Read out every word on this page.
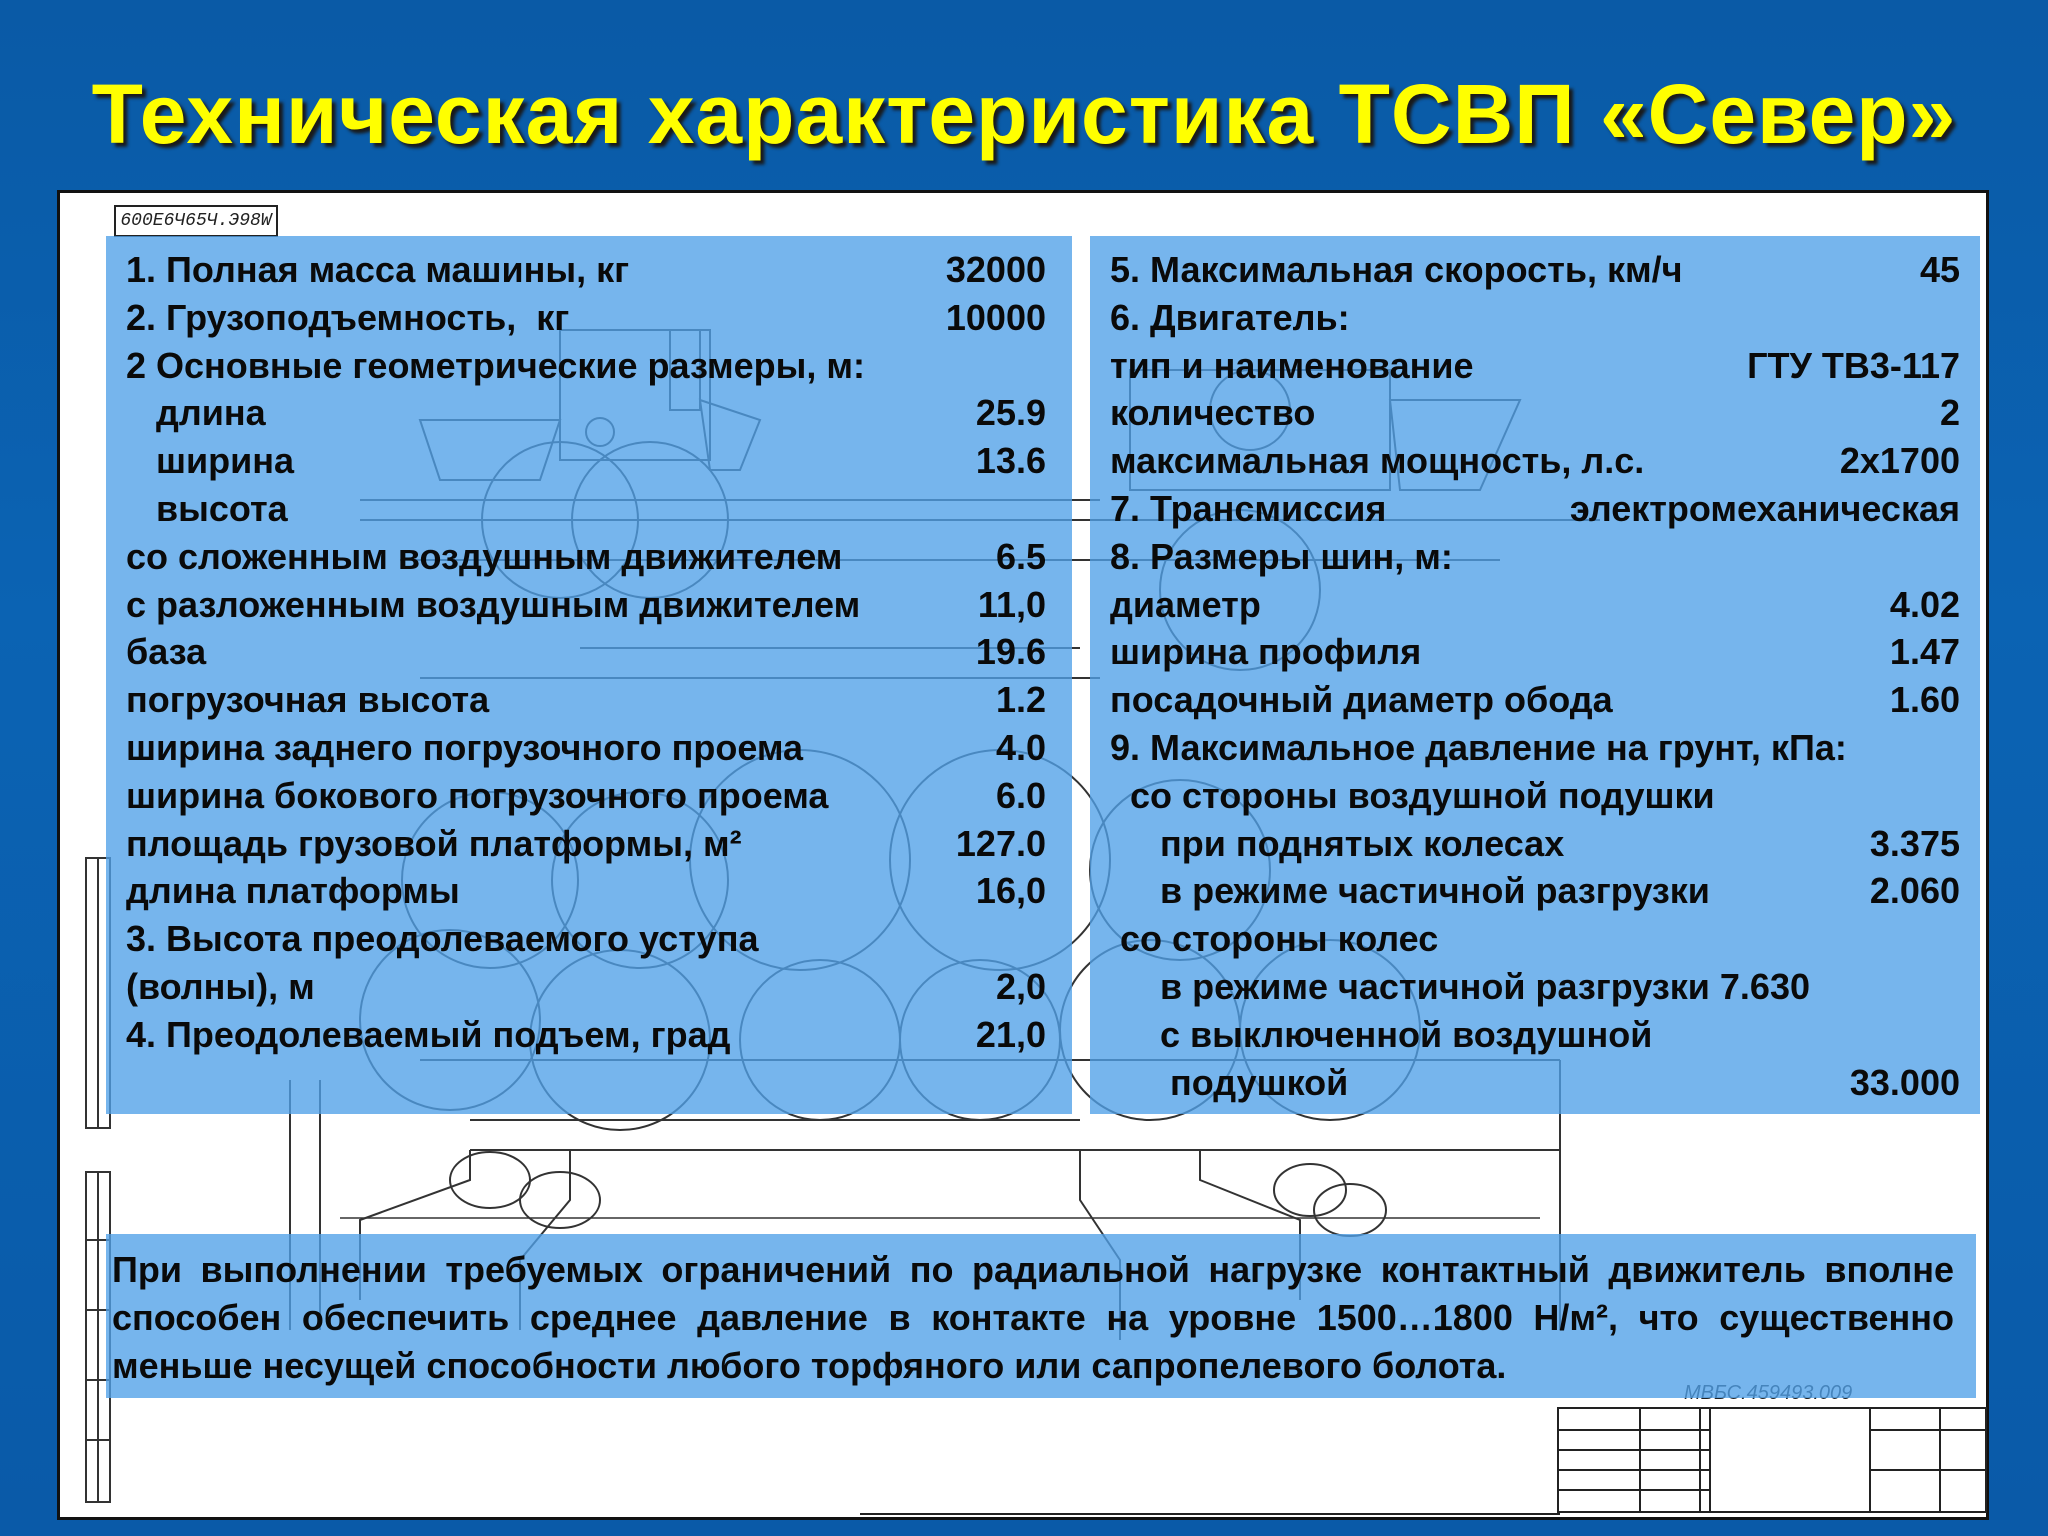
Техническая характеристика ТСВП «Север»
600Е6Ч65Ч.Э98W
1. Полная масса машины, кг	32000
2. Грузоподъемность,  кг	10000
2 Основные геометрические размеры, м:
длина	25.9
ширина	13.6
высота
со сложенным воздушным движителем	6.5
с разложенным воздушным движителем	11,0
база	19.6
погрузочная высота	1.2
ширина заднего погрузочного проема	4.0
ширина бокового погрузочного проема	6.0
площадь грузовой платформы, м²	127.0
длина платформы	16,0
3. Высота преодолеваемого уступа
(волны), м	2,0
4. Преодолеваемый подъем, град	21,0
5. Максимальная скорость, км/ч	45
6. Двигатель:
тип и наименование	ГТУ ТВ3-117
количество	2
максимальная мощность, л.с.	2х1700
7. Трансмиссия	электромеханическая
8. Размеры шин, м:
диаметр	4.02
ширина профиля	1.47
посадочный диаметр обода	1.60
9. Максимальное давление на грунт, кПа:
со стороны воздушной подушки
при поднятых колесах	3.375
в режиме частичной разгрузки	2.060
со стороны колес
в режиме частичной разгрузки 7.630
с выключенной воздушной
подушкой	33.000
При выполнении требуемых ограничений по радиальной нагрузке контактный движитель вполне способен обеспечить среднее давление в контакте на уровне 1500…1800 Н/м², что существенно меньше несущей способности любого торфяного или сапропелевого болота.
